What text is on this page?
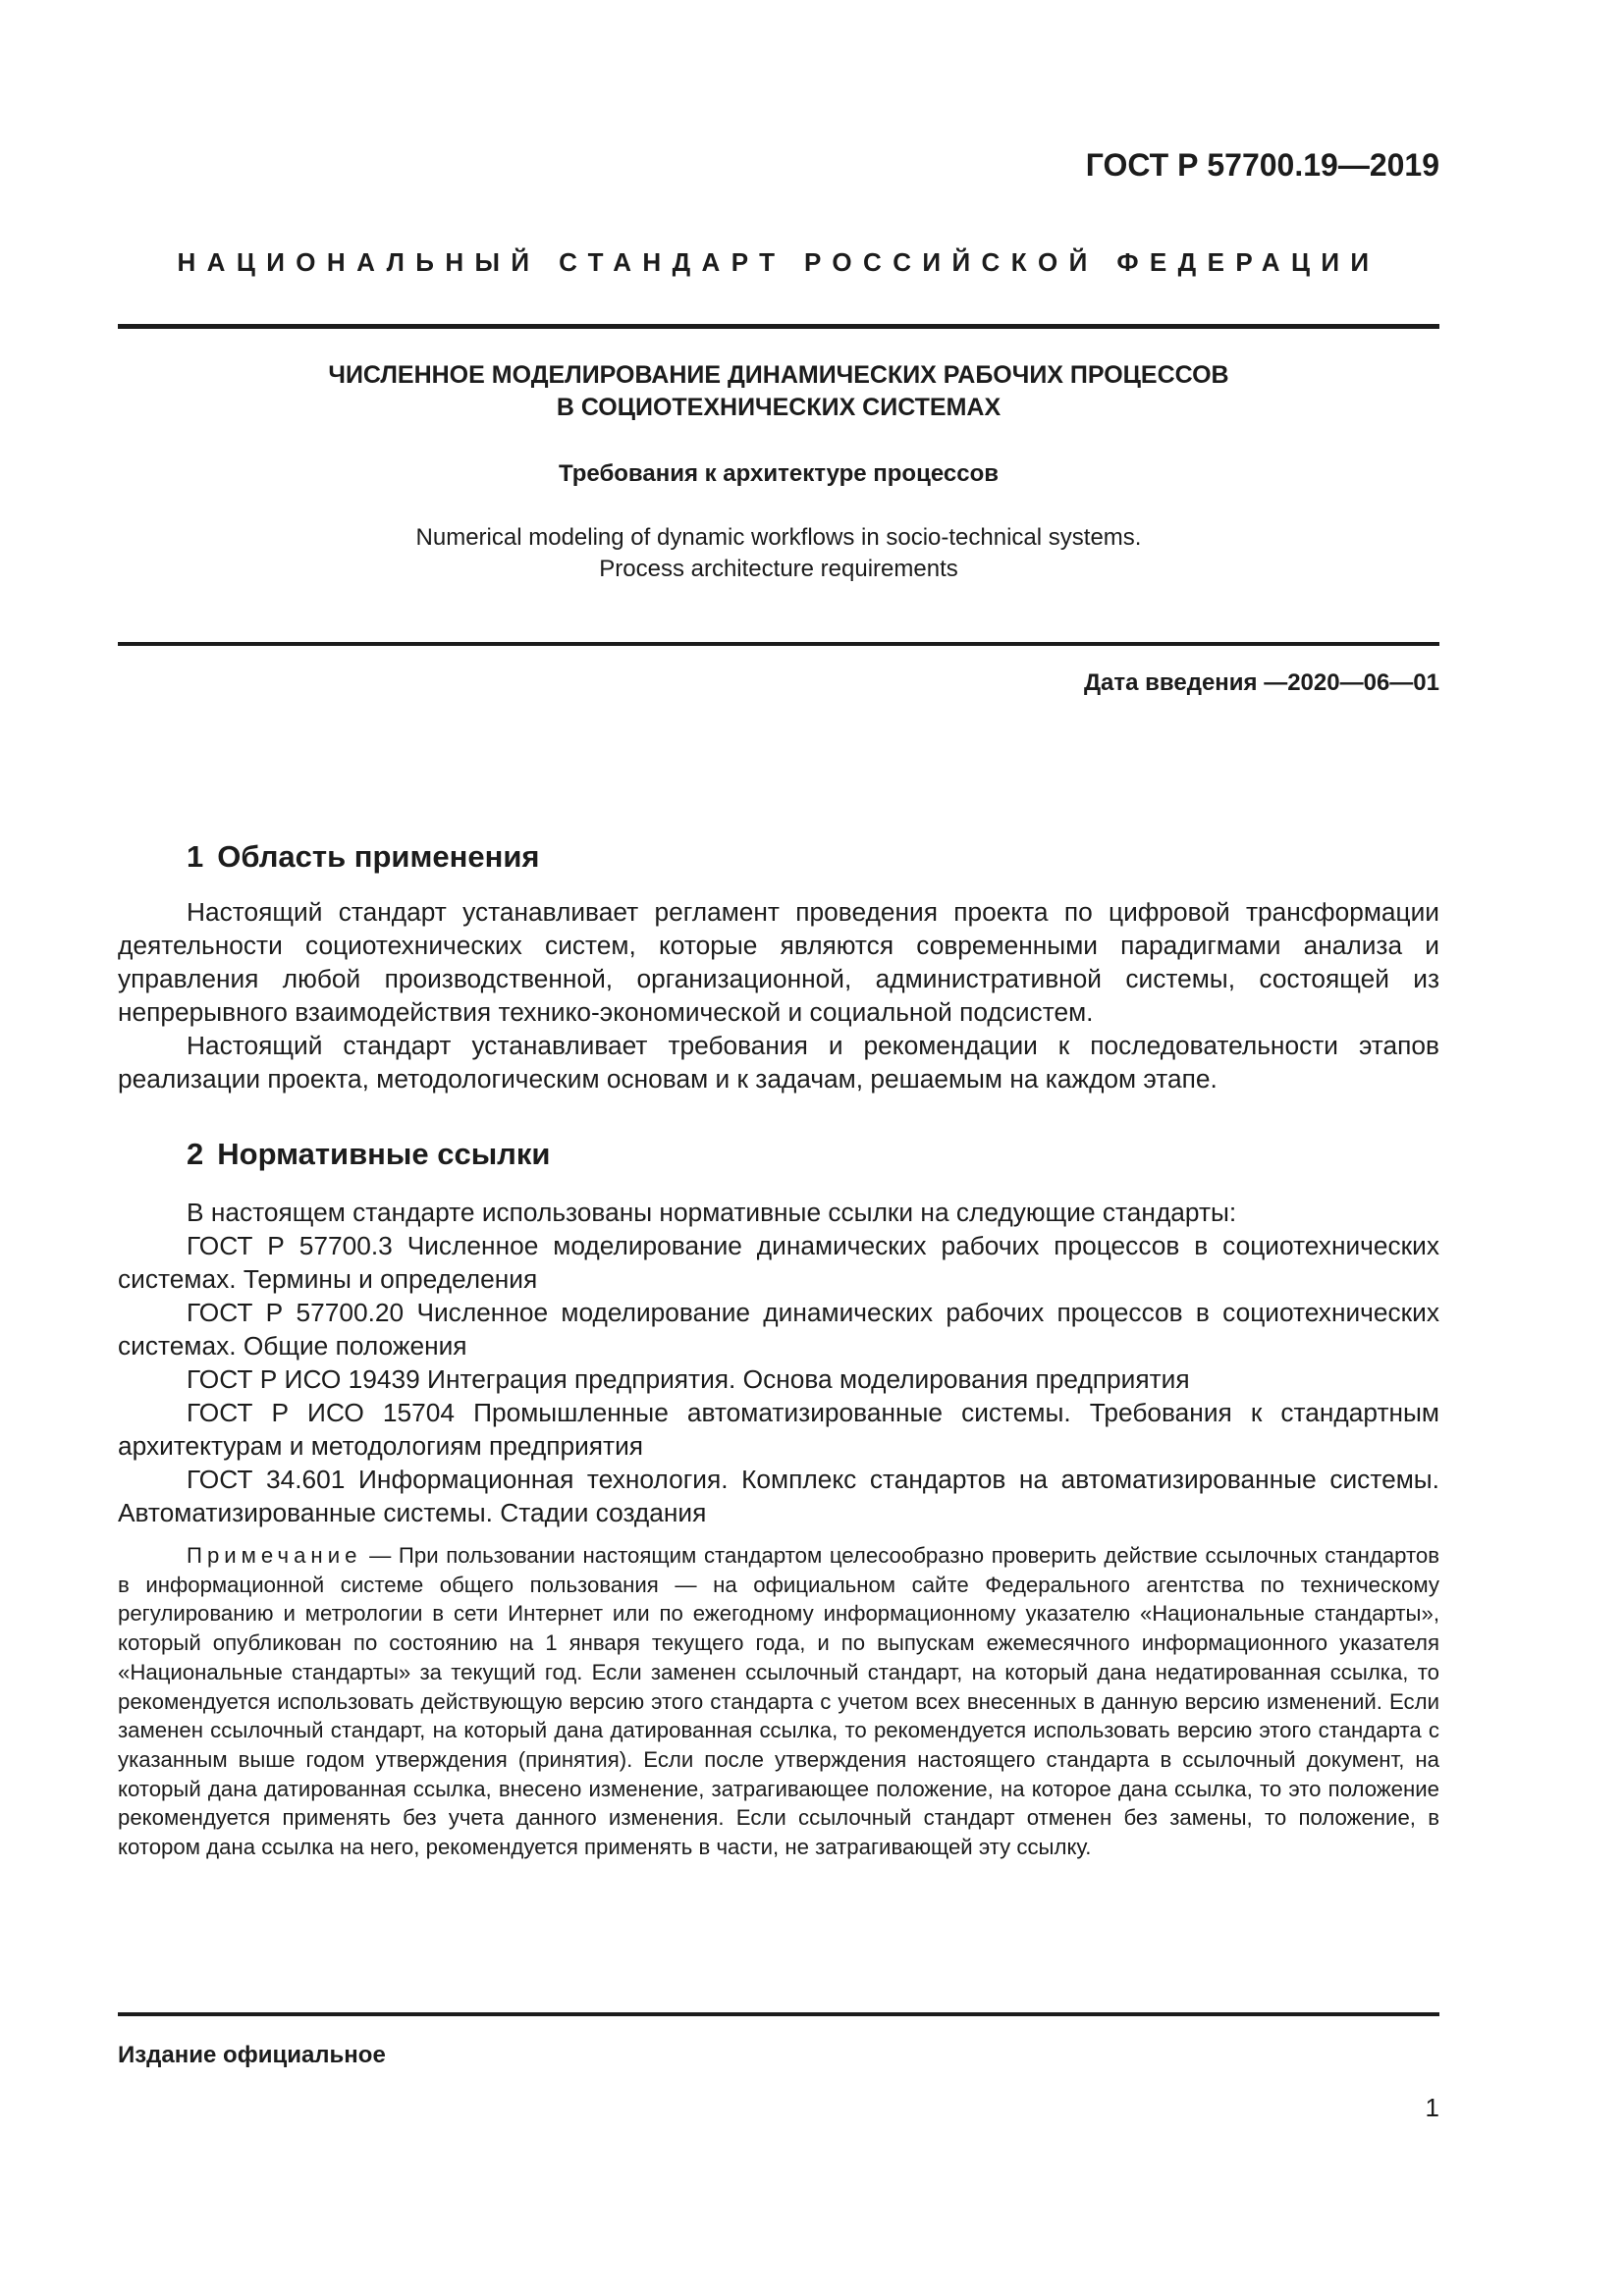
ГОСТ Р 57700.19—2019
НАЦИОНАЛЬНЫЙ СТАНДАРТ РОССИЙСКОЙ ФЕДЕРАЦИИ
ЧИСЛЕННОЕ МОДЕЛИРОВАНИЕ ДИНАМИЧЕСКИХ РАБОЧИХ ПРОЦЕССОВ
В СОЦИОТЕХНИЧЕСКИХ СИСТЕМАХ
Требования к архитектуре процессов
Numerical modeling of dynamic workflows in socio-technical systems.
Process architecture requirements
Дата введения —2020—06—01
1 Область применения

Настоящий стандарт устанавливает регламент проведения проекта по цифровой трансформации деятельности социотехнических систем, которые являются современными парадигмами анализа и управления любой производственной, организационной, административной системы, состоящей из непрерывного взаимодействия технико-экономической и социальной подсистем.

Настоящий стандарт устанавливает требования и рекомендации к последовательности этапов реализации проекта, методологическим основам и к задачам, решаемым на каждом этапе.

2 Нормативные ссылки

В настоящем стандарте использованы нормативные ссылки на следующие стандарты:

ГОСТ Р 57700.3 Численное моделирование динамических рабочих процессов в социотехнических системах. Термины и определения

ГОСТ Р 57700.20 Численное моделирование динамических рабочих процессов в социотехнических системах. Общие положения

ГОСТ Р ИСО 19439 Интеграция предприятия. Основа моделирования предприятия

ГОСТ Р ИСО 15704 Промышленные автоматизированные системы. Требования к стандартным архитектурам и методологиям предприятия

ГОСТ 34.601 Информационная технология. Комплекс стандартов на автоматизированные системы. Автоматизированные системы. Стадии создания

Примечание — При пользовании настоящим стандартом целесообразно проверить действие ссылочных стандартов в информационной системе общего пользования — на официальном сайте Федерального агентства по техническому регулированию и метрологии в сети Интернет или по ежегодному информационному указателю «Национальные стандарты», который опубликован по состоянию на 1 января текущего года, и по выпускам ежемесячного информационного указателя «Национальные стандарты» за текущий год. Если заменен ссылочный стандарт, на который дана недатированная ссылка, то рекомендуется использовать действующую версию этого стандарта с учетом всех внесенных в данную версию изменений. Если заменен ссылочный стандарт, на который дана датированная ссылка, то рекомендуется использовать версию этого стандарта с указанным выше годом утверждения (принятия). Если после утверждения настоящего стандарта в ссылочный документ, на который дана датированная ссылка, внесено изменение, затрагивающее положение, на которое дана ссылка, то это положение рекомендуется применять без учета данного изменения. Если ссылочный стандарт отменен без замены, то положение, в котором дана ссылка на него, рекомендуется применять в части, не затрагивающей эту ссылку.

Издание официальное
1
